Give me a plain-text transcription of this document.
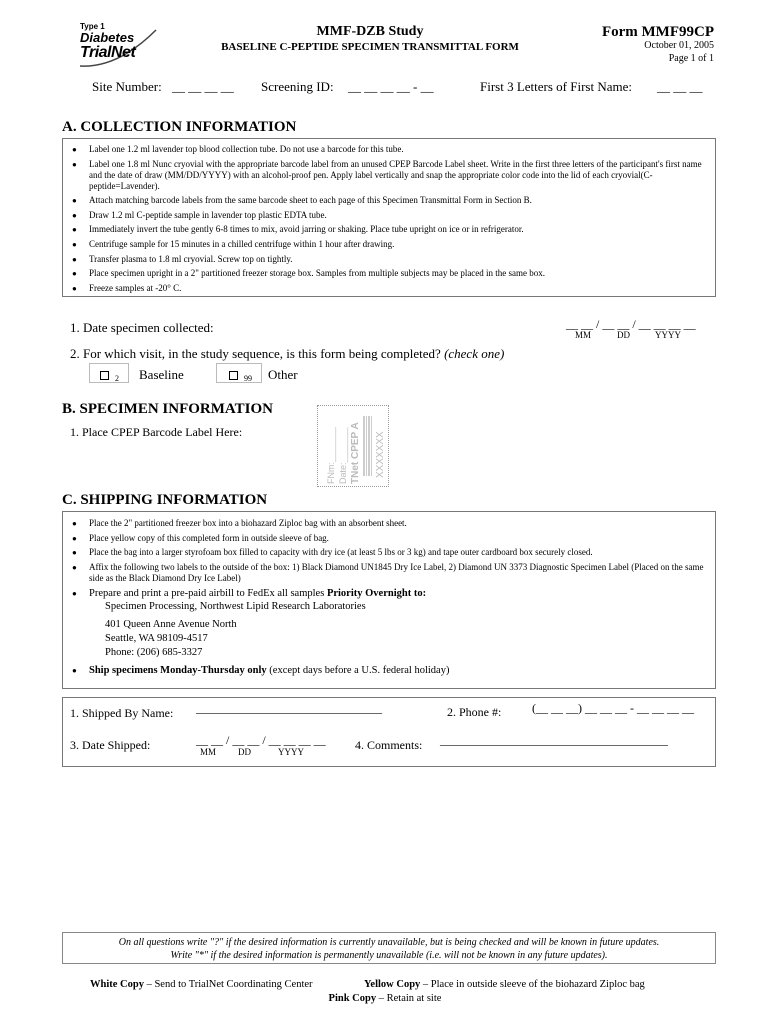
Type 1
Diabetes
TrialNet
MMF-DZB Study
BASELINE C-PEPTIDE SPECIMEN TRANSMITTAL FORM
Form MMF99CP
October 01, 2005
Page 1 of 1
Site Number: __ __ __ __ Screening ID: __ __ __ __ - __	First 3 Letters of First Name: __ __ __
A. COLLECTION INFORMATION
● Label one 1.2 ml lavender top blood collection tube. Do not use a barcode for this tube.
● Label one 1.8 ml Nunc cryovial with the appropriate barcode label from an unused CPEP Barcode Label sheet. Write in the first three letters of the participant's first name and the date of draw (MM/DD/YYYY) with an alcohol-proof pen. Apply label vertically and snap the appropriate color code into the lid of each cryovial(C-peptide=Lavender).
● Attach matching barcode labels from the same barcode sheet to each page of this Specimen Transmittal Form in Section B.
● Draw 1.2 ml C-peptide sample in lavender top plastic EDTA tube.
● Immediately invert the tube gently 6-8 times to mix, avoid jarring or shaking. Place tube upright on ice or in refrigerator.
● Centrifuge sample for 15 minutes in a chilled centrifuge within 1 hour after drawing.
● Transfer plasma to 1.8 ml cryovial. Screw top on tightly.
● Place specimen upright in a 2" partitioned freezer storage box. Samples from multiple subjects may be placed in the same box.
● Freeze samples at -20° C.
1. Date specimen collected:	__ __ / __ __ / __ __ __ __
MM	DD	YYYY
2. For which visit, in the study sequence, is this form being completed? (check one)
$_2$	Baseline	$_{99}$	Other
B. SPECIMEN INFORMATION
1. Place CPEP Barcode Label Here:	FNm:_______ Date:_______ TNet CPEP A XXXXXXX
C. SHIPPING INFORMATION
● Place the 2" partitioned freezer box into a biohazard Ziploc bag with an absorbent sheet.
● Place yellow copy of this completed form in outside sleeve of bag.
● Place the bag into a larger styrofoam box filled to capacity with dry ice (at least 5 lbs or 3 kg) and tape outer cardboard box securely closed.
● Affix the following two labels to the outside of the box: 1) Black Diamond UN1845 Dry Ice Label, 2) Diamond UN 3373 Diagnostic Specimen Label (Placed on the same side as the Black Diamond Dry Ice Label)
● Prepare and print a pre-paid airbill to FedEx all samples Priority Overnight to:
Specimen Processing, Northwest Lipid Research Laboratories
401 Queen Anne Avenue North
Seattle, WA 98109-4517
Phone: (206) 685-3327
● Ship specimens Monday-Thursday only (except days before a U.S. federal holiday)
1. Shipped By Name: _______________________________	2. Phone #:	(__ __ __) __ __ __ - __ __ __ __
3. Date Shipped:	__ __ / __ __ / __ __ __ __
MM DD	YYYY	4. Comments: ______________________________________
On all questions write "?" if the desired information is currently unavailable, but is being checked and will be known in future updates.
Write "*" if the desired information is permanently unavailable (i.e. will not be known in any future updates).
White Copy – Send to TrialNet Coordinating Center	Yellow Copy – Place in outside sleeve of the biohazard Ziploc bag
Pink Copy – Retain at site
